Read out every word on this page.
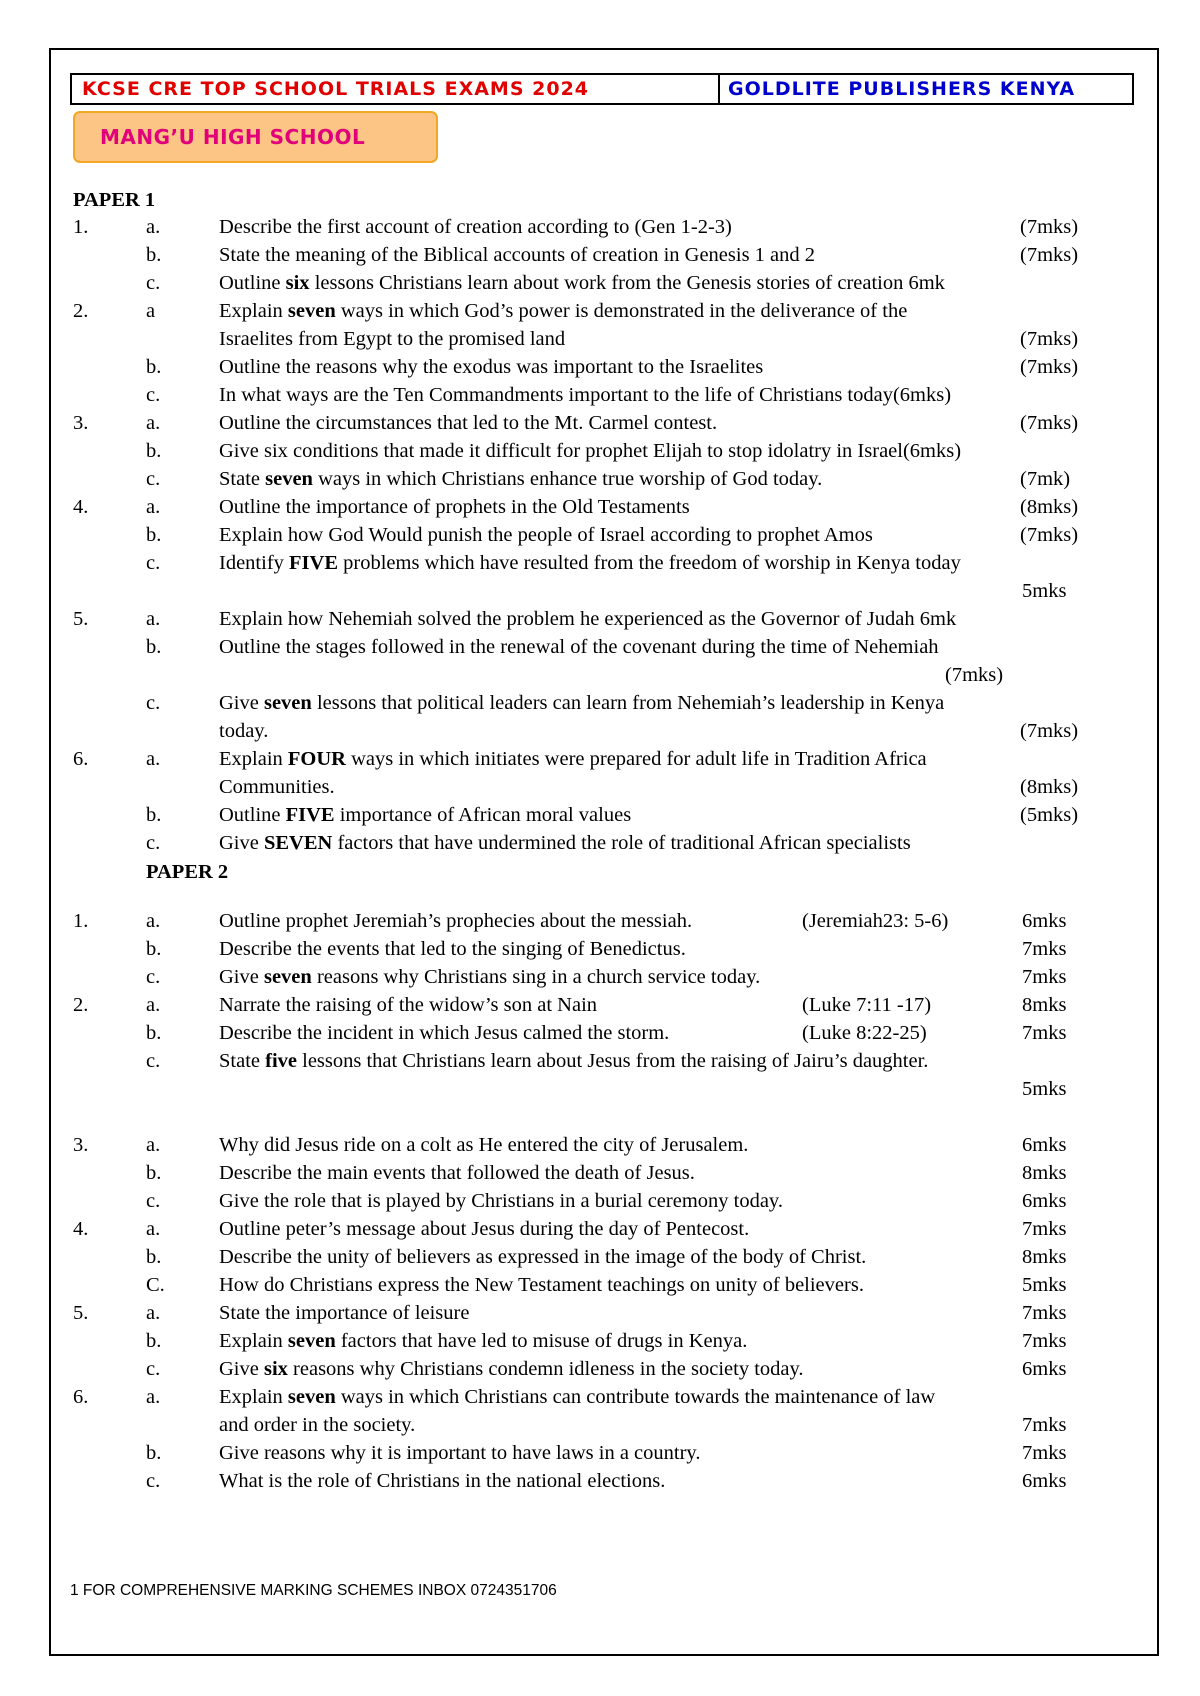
KCSE CRE TOP SCHOOL TRIALS EXAMS 2024	GOLDLITE PUBLISHERS KENYA
MANG’U HIGH SCHOOL
PAPER 1
1.	a.	Describe the first account of creation according to (Gen 1-2-3)	(7mks)
b.	State the meaning of the Biblical accounts of creation in Genesis 1 and 2	(7mks)
c.	Outline six lessons Christians learn about work from the Genesis stories of creation 6mk
2.	a	Explain seven ways in which God’s power is demonstrated in the deliverance of the
Israelites from Egypt to the promised land	(7mks)
b.	Outline the reasons why the exodus was important to the Israelites	(7mks)
c.	In what ways are the Ten Commandments important to the life of Christians today(6mks)
3.	a.	Outline the circumstances that led to the Mt. Carmel contest.	(7mks)
b.	Give six conditions that made it difficult for prophet Elijah to stop idolatry in Israel(6mks)
c.	State seven ways in which Christians enhance true worship of God today.	(7mk)
4.	a.	Outline the importance of prophets in the Old Testaments	(8mks)
b.	Explain how God Would punish the people of Israel according to prophet Amos	(7mks)
c.	Identify FIVE problems which have resulted from the freedom of worship in Kenya today
5mks
5.	a.	Explain how Nehemiah solved the problem he experienced as the Governor of Judah 6mk
b.	Outline the stages followed in the renewal of the covenant during the time of Nehemiah
(7mks)
c.	Give seven lessons that political leaders can learn from Nehemiah’s leadership in Kenya
today.	(7mks)
6.	a.	Explain FOUR ways in which initiates were prepared for adult life in Tradition Africa
Communities.	(8mks)
b.	Outline FIVE importance of African moral values	(5mks)
c.	Give SEVEN factors that have undermined the role of traditional African specialists
PAPER 2
1.	a.	Outline prophet Jeremiah’s prophecies about the messiah.	(Jeremiah23: 5-6)	6mks
b.	Describe the events that led to the singing of Benedictus.	7mks
c.	Give seven reasons why Christians sing in a church service today.	7mks
2.	a.	Narrate the raising of the widow’s son at Nain	(Luke 7:11 -17)	8mks
b.	Describe the incident in which Jesus calmed the storm.	(Luke 8:22-25)	7mks
c.	State five lessons that Christians learn about Jesus from the raising of Jairu’s daughter.
5mks
3.	a.	Why did Jesus ride on a colt as He entered the city of Jerusalem.	6mks
b.	Describe the main events that followed the death of Jesus.	8mks
c.	Give the role that is played by Christians in a burial ceremony today.	6mks
4.	a.	Outline peter’s message about Jesus during the day of Pentecost.	7mks
b.	Describe the unity of believers as expressed in the image of the body of Christ.	8mks
C.	How do Christians express the New Testament teachings on unity of believers.	5mks
5.	a.	State the importance of leisure	7mks
b.	Explain seven factors that have led to misuse of drugs in Kenya.	7mks
c.	Give six reasons why Christians condemn idleness in the society today.	6mks
6.	a.	Explain seven ways in which Christians can contribute towards the maintenance of law
and order in the society.	7mks
b.	Give reasons why it is important to have laws in a country.	7mks
c.	What is the role of Christians in the national elections.	6mks
1 FOR COMPREHENSIVE MARKING SCHEMES INBOX 0724351706
